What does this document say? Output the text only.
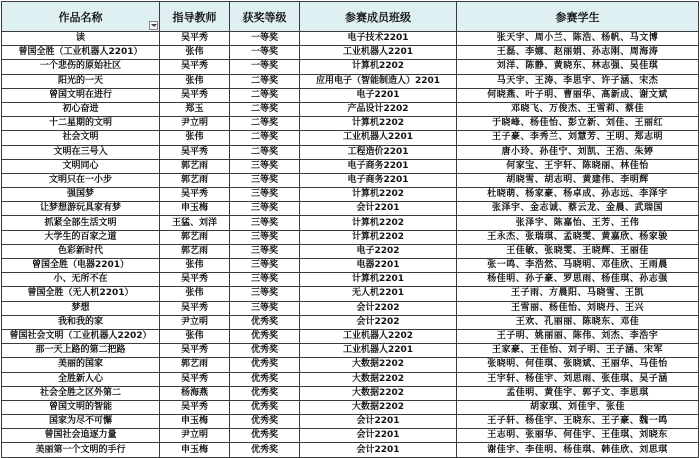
作品名称	指导教师	获奖等级	参赛成员班级	参赛学生
读	吴平秀	一等奖	电子技术2201	张天宇、周小兰、陈浩、杨帆、马文博
曾国全胜（工业机器人2201）	张伟	一等奖	工业机器人2201	王磊、李娜、赵丽娟、孙志刚、周海涛
一个悲伤的原始社区	吴平秀	一等奖	计算机2202	刘洋、陈静、黄晓东、林志强、吴佳琪
阳光的一天	张伟	二等奖	应用电子（智能制造人）2201	马天宇、王涛、李思宇、许子涵、宋杰
曾国文明在进行	吴平秀	二等奖	电子2201	何晓燕、叶子明、曹丽华、高新成、谢文斌
初心奋进	郑玉	二等奖	产品设计2202	邓晓飞、万俊杰、王雪莉、蔡佳
十二星期的文明	尹立明	二等奖	计算机2202	于晓峰、杨佳怡、彭立新、刘佳、王丽红
社会文明	张伟	二等奖	工业机器人2201	王子豪、李秀兰、刘慧芳、王明、郑志明
文明在三号入	吴平秀	二等奖	工程造价2201	唐小玲、孙佳宁、刘凯、王浩、朱婷
文明同心	郭艺雨	三等奖	电子商务2201	何家宝、王宇轩、陈晓丽、林佳怡
文明只在一小步	郭艺雨	三等奖	电子商务2201	胡晓雪、胡志明、黄建伟、李明辉
强国梦	吴平秀	三等奖	计算机2202	杜晓萌、杨家豪、杨卓成、孙志远、李泽宇
让梦想游玩具家有梦	申玉梅	三等奖	会计2201	张泽宇、金志诚、蔡云龙、金晨、武瑞国
抓紧全部生活文明	王猛、刘洋	三等奖	计算机2202	张泽宇、陈嘉怡、王芳、王伟
大学生的百家之道	郭艺雨	三等奖	计算机2202	王永杰、张瑞琪、孟晓雯、黄嘉欣、杨家骏
色彩新时代	郭艺雨	三等奖	电子2202	王佳敏、张晓雯、王晓辉、王丽佳
曾国全胜（电器2201）	张伟	三等奖	电器2201	张一鸣、李浩然、马晓明、邓佳欣、王雨晨
小、无所不在	吴平秀	三等奖	计算机2201	杨佳明、孙子豪、罗思雨、杨佳琪、孙志强
曾国全胜（无人机2201）	张伟	三等奖	无人机2201	王子雨、方晨阳、马晓雪、王凯
梦想	吴平秀	三等奖	会计2202	王雪丽、杨佳怡、刘晓丹、王兴
我和我的家	尹立明	优秀奖	会计2202	王欢、孔丽丽、陈晓东、邓佳
曾国社会文明（工业机器人2202）	张伟	优秀奖	工业机器人2202	王子明、姚丽丽、陈伟、刘杰、李浩宇
那一天上路的第二把路	吴平秀	优秀奖	工业机器人2201	王家豪、王佳怡、刘子明、王子涵、宋军
美丽的国家	郭艺雨	优秀奖	大数据2202	张晓明、何佳琪、张晓斌、王丽华、马佳怡
全胜新人心	吴平秀	优秀奖	大数据2202	王宇轩、杨佳宇、刘思雨、张佳琪、吴子涵
社会全胜之区外第二	杨海燕	优秀奖	大数据2202	孟佳明、黄佳宇、郭子文、李思琪
曾国文明的智能	吴平秀	优秀奖	大数据2202	胡家琪、刘佳宇、张佳
国家为尽不可懈	申玉梅	优秀奖	会计2201	王子轩、杨佳宇、王晓东、王子豪、魏一鸣
曾国社会追逐力量	尹立明	优秀奖	会计2201	王志明、张丽华、何佳宇、王佳琪、刘晓东
美丽第一个文明的手行	申玉梅	优秀奖	会计2201	谢佳宇、李佳明、杨佳琪、韩佳欣、刘思琪
